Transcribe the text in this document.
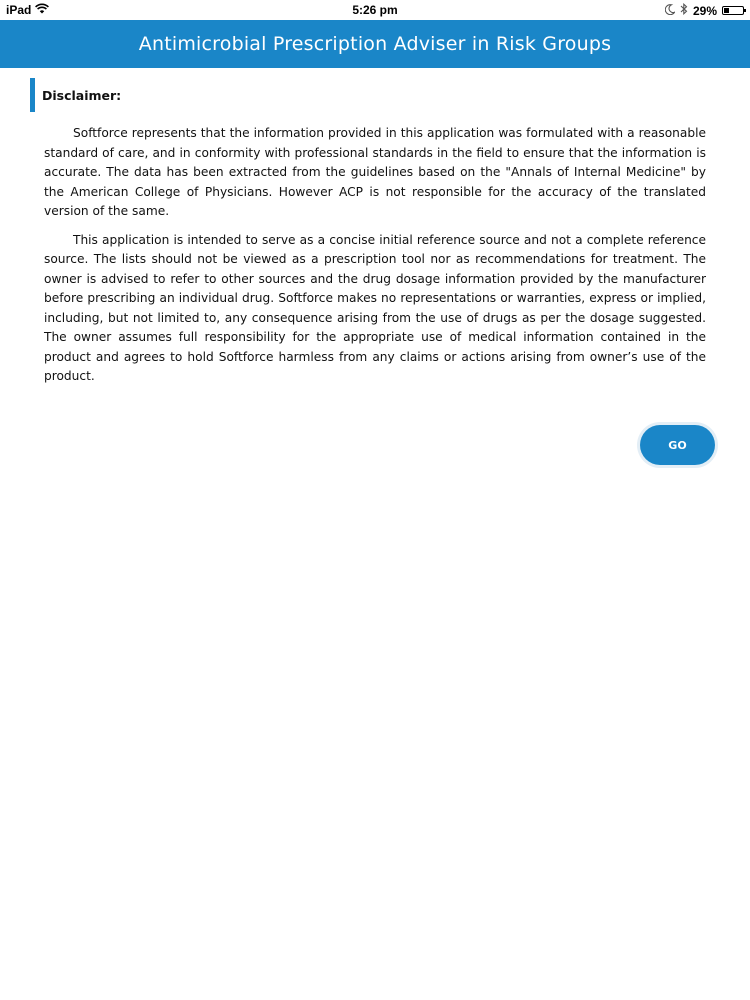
iPad	5:26 pm	29%
Antimicrobial Prescription Adviser in Risk Groups
Disclaimer:

Softforce represents that the information provided in this application was formulated with a reasonable standard of care, and in conformity with professional standards in the field to ensure that the information is accurate. The data has been extracted from the guidelines based on the "Annals of Internal Medicine" by the American College of Physicians. However ACP is not responsible for the accuracy of the translated version of the same.

This application is intended to serve as a concise initial reference source and not a complete reference source. The lists should not be viewed as a prescription tool nor as recommendations for treatment. The owner is advised to refer to other sources and the drug dosage information provided by the manufacturer before prescribing an individual drug. Softforce makes no representations or warranties, express or implied, including, but not limited to, any consequence arising from the use of drugs as per the dosage suggested. The owner assumes full responsibility for the appropriate use of medical information contained in the product and agrees to hold Softforce harmless from any claims or actions arising from owner’s use of the product.

GO
